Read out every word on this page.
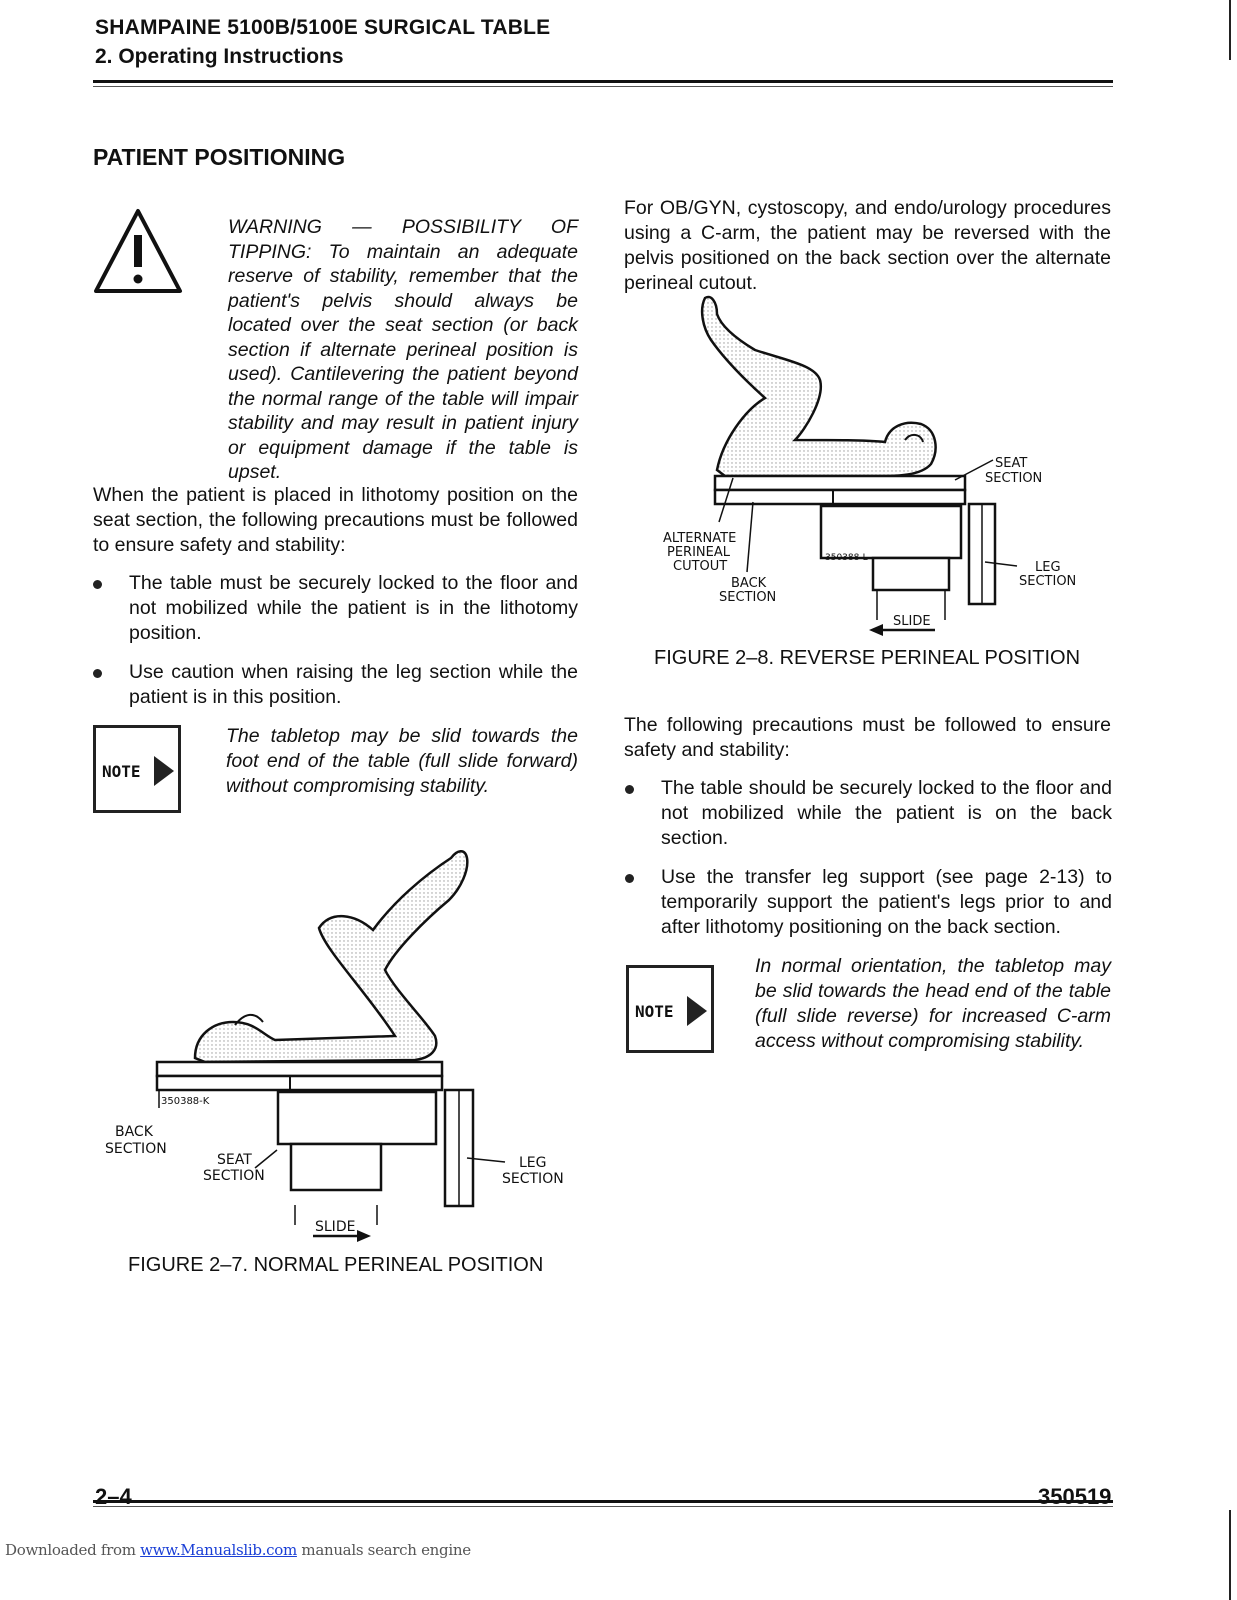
SHAMPAINE 5100B/5100E SURGICAL TABLE
2. Operating Instructions
PATIENT POSITIONING
WARNING — POSSIBILITY OF TIPPING: To maintain an adequate reserve of stability, remember that the patient's pelvis should always be located over the seat section (or back section if alternate perineal position is used). Cantilevering the patient beyond the normal range of the table will impair stability and may result in patient injury or equipment damage if the table is upset.
When the patient is placed in lithotomy position on the seat section, the following precautions must be followed to ensure safety and stability:
The table must be securely locked to the floor and not mobilized while the patient is in the lithotomy position.
Use caution when raising the leg section while the patient is in this position.
NOTE
The tabletop may be slid towards the foot end of the table (full slide forward) without compromising stability.
350388-K
BACK
SECTION
SEAT
SECTION
LEG
SECTION
SLIDE
FIGURE 2–7. NORMAL PERINEAL POSITION
For OB/GYN, cystoscopy, and endo/urology procedures using a C-arm, the patient may be reversed with the pelvis positioned on the back section over the alternate perineal cutout.
SEAT
SECTION
ALTERNATE
PERINEAL
CUTOUT
350388-L
BACK
SECTION
LEG
SECTION
SLIDE
FIGURE 2–8. REVERSE PERINEAL POSITION
The following precautions must be followed to ensure safety and stability:
The table should be securely locked to the floor and not mobilized while the patient is on the back section.
Use the transfer leg support (see page 2-13) to temporarily support the patient's legs prior to and after lithotomy positioning on the back section.
NOTE
In normal orientation, the tabletop may be slid towards the head end of the table (full slide reverse) for increased C-arm access without compromising stability.
2–4	350519
Downloaded from www.Manualslib.com manuals search engine
